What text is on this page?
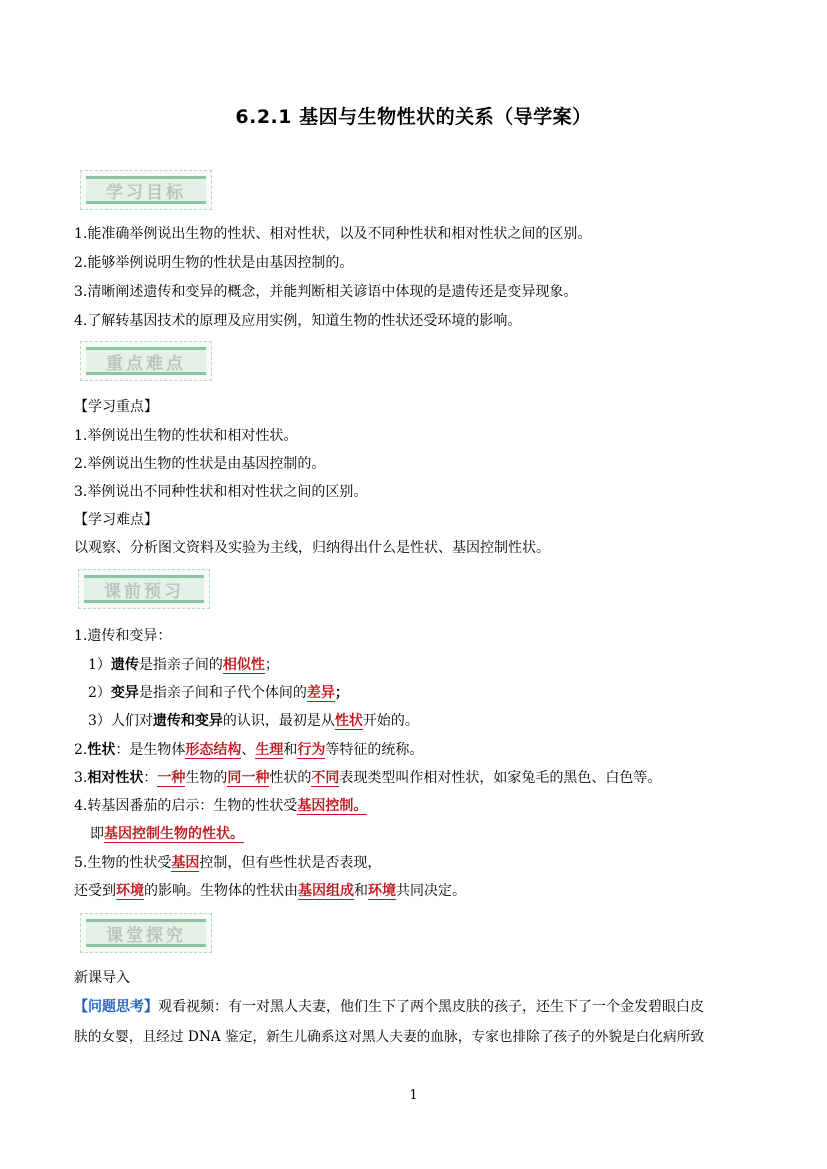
6.2.1 基因与生物性状的关系（导学案）
学习目标
1.能准确举例说出生物的性状、相对性状，以及不同种性状和相对性状之间的区别。
2.能够举例说明生物的性状是由基因控制的。
3.清晰阐述遗传和变异的概念，并能判断相关谚语中体现的是遗传还是变异现象。
4.了解转基因技术的原理及应用实例，知道生物的性状还受环境的影响。
重点难点
【学习重点】
1.举例说出生物的性状和相对性状。
2.举例说出生物的性状是由基因控制的。
3.举例说出不同种性状和相对性状之间的区别。
【学习难点】
以观察、分析图文资料及实验为主线，归纳得出什么是性状、基因控制性状。
课前预习
1.遗传和变异：
1）遗传是指亲子间的相似性；
2）变异是指亲子间和子代个体间的差异；
3）人们对遗传和变异的认识，最初是从性状开始的。
2.性状：是生物体形态结构、生理和行为等特征的统称。
3.相对性状：一种生物的同一种性状的不同表现类型叫作相对性状，如家兔毛的黑色、白色等。
4.转基因番茄的启示：生物的性状受基因控制。
即基因控制生物的性状。
5.生物的性状受基因控制，但有些性状是否表现，
还受到环境的影响。生物体的性状由基因组成和环境共同决定。
课堂探究
新课导入
【问题思考】观看视频：有一对黑人夫妻，他们生下了两个黑皮肤的孩子，还生下了一个金发碧眼白皮
肤的女婴，且经过 DNA 鉴定，新生儿确系这对黑人夫妻的血脉，专家也排除了孩子的外貌是白化病所致
1
